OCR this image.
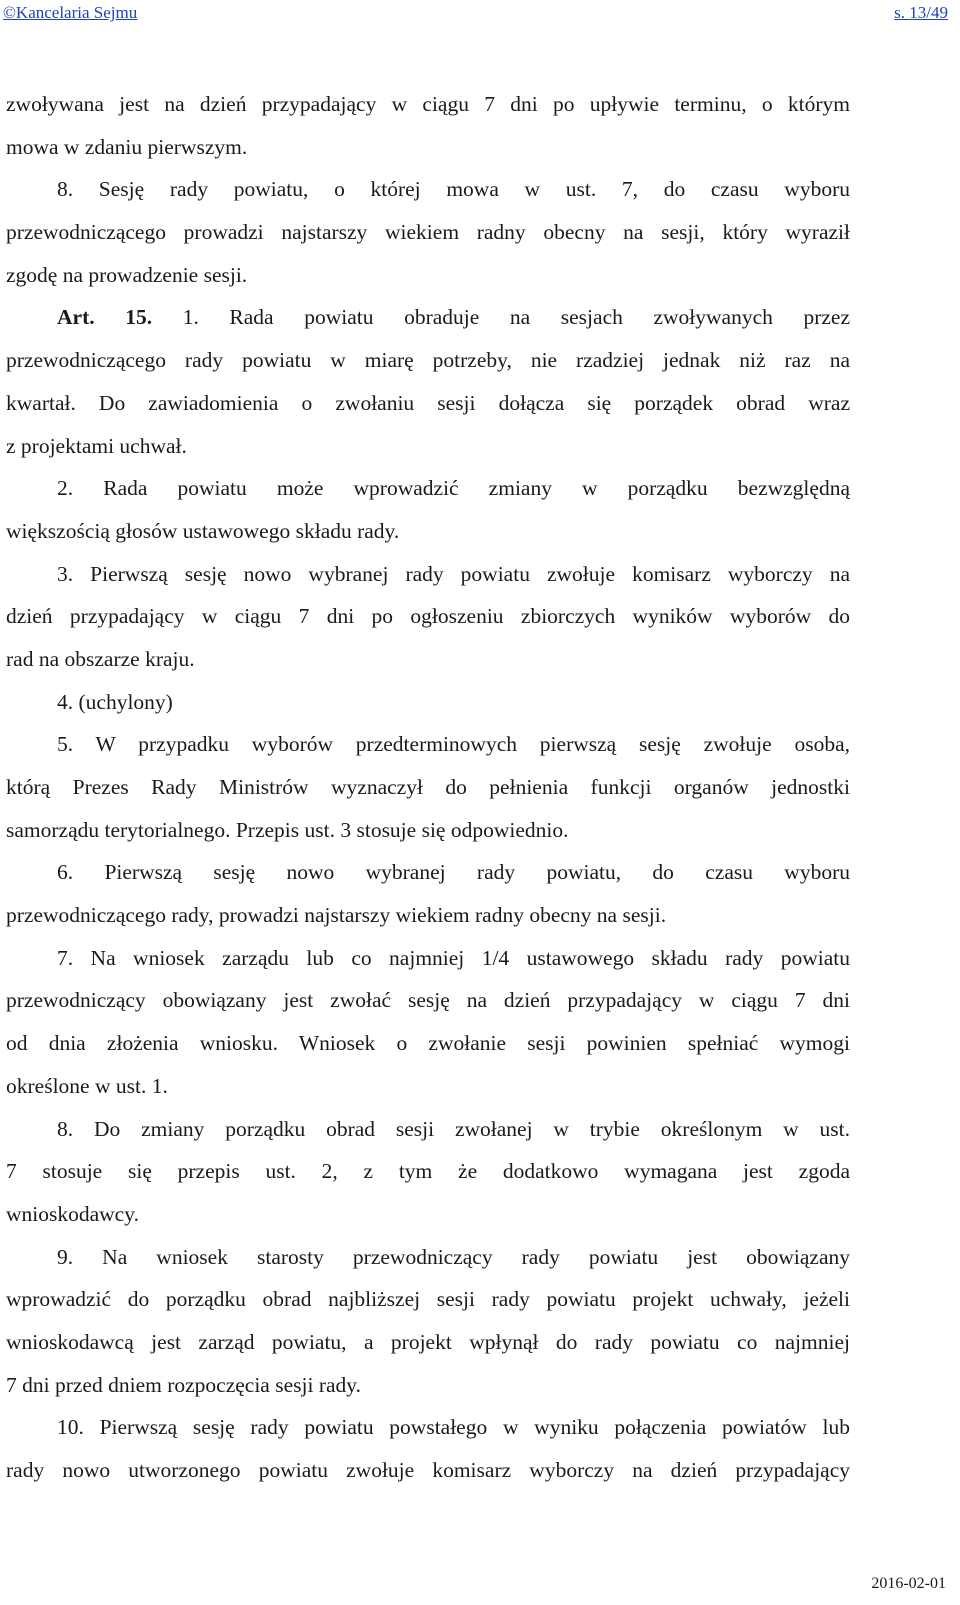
©Kancelaria Sejmu	s. 13/49
zwoływana jest na dzień przypadający w ciągu 7 dni po upływie terminu, o którym
mowa w zdaniu pierwszym.
8. Sesję rady powiatu, o której mowa w ust. 7, do czasu wyboru
przewodniczącego prowadzi najstarszy wiekiem radny obecny na sesji, który wyraził
zgodę na prowadzenie sesji.
Art. 15. 1. Rada powiatu obraduje na sesjach zwoływanych przez
przewodniczącego rady powiatu w miarę potrzeby, nie rzadziej jednak niż raz na
kwartał. Do zawiadomienia o zwołaniu sesji dołącza się porządek obrad wraz
z projektami uchwał.
2. Rada powiatu może wprowadzić zmiany w porządku bezwzględną
większością głosów ustawowego składu rady.
3. Pierwszą sesję nowo wybranej rady powiatu zwołuje komisarz wyborczy na
dzień przypadający w ciągu 7 dni po ogłoszeniu zbiorczych wyników wyborów do
rad na obszarze kraju.
4. (uchylony)
5. W przypadku wyborów przedterminowych pierwszą sesję zwołuje osoba,
którą Prezes Rady Ministrów wyznaczył do pełnienia funkcji organów jednostki
samorządu terytorialnego. Przepis ust. 3 stosuje się odpowiednio.
6. Pierwszą sesję nowo wybranej rady powiatu, do czasu wyboru
przewodniczącego rady, prowadzi najstarszy wiekiem radny obecny na sesji.
7. Na wniosek zarządu lub co najmniej 1/4 ustawowego składu rady powiatu
przewodniczący obowiązany jest zwołać sesję na dzień przypadający w ciągu 7 dni
od dnia złożenia wniosku. Wniosek o zwołanie sesji powinien spełniać wymogi
określone w ust. 1.
8. Do zmiany porządku obrad sesji zwołanej w trybie określonym w ust.
7 stosuje się przepis ust. 2, z tym że dodatkowo wymagana jest zgoda
wnioskodawcy.
9. Na wniosek starosty przewodniczący rady powiatu jest obowiązany
wprowadzić do porządku obrad najbliższej sesji rady powiatu projekt uchwały, jeżeli
wnioskodawcą jest zarząd powiatu, a projekt wpłynął do rady powiatu co najmniej
7 dni przed dniem rozpoczęcia sesji rady.
10. Pierwszą sesję rady powiatu powstałego w wyniku połączenia powiatów lub
rady nowo utworzonego powiatu zwołuje komisarz wyborczy na dzień przypadający
2016-02-01
